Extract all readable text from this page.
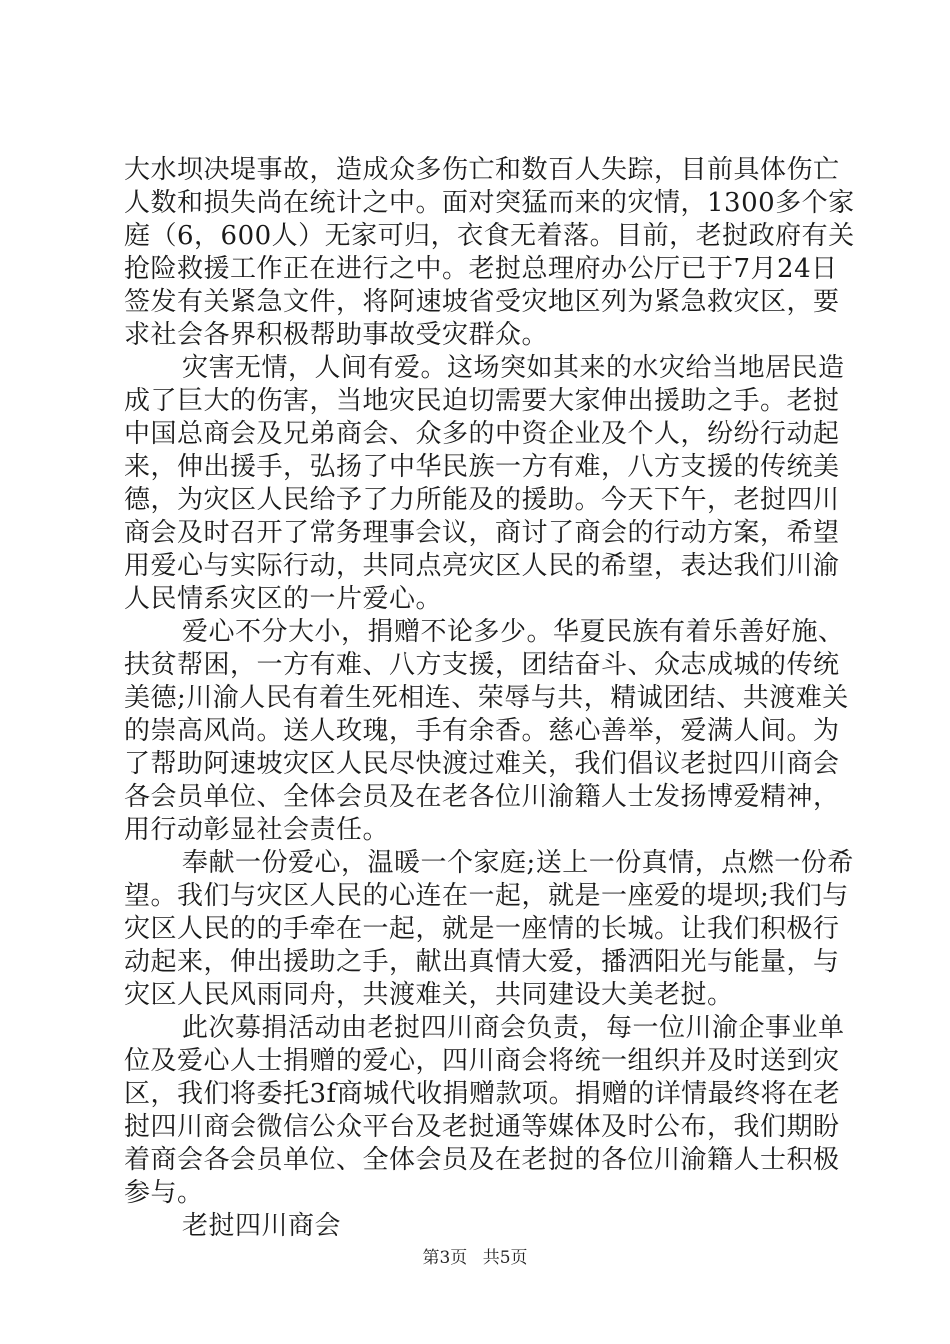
大水坝决堤事故，造成众多伤亡和数百人失踪，目前具体伤亡
人数和损失尚在统计之中。面对突猛而来的灾情，1300多个家
庭（6，600人）无家可归，衣食无着落。目前，老挝政府有关
抢险救援工作正在进行之中。老挝总理府办公厅已于7月24日
签发有关紧急文件，将阿速坡省受灾地区列为紧急救灾区，要
求社会各界积极帮助事故受灾群众。
灾害无情，人间有爱。这场突如其来的水灾给当地居民造
成了巨大的伤害，当地灾民迫切需要大家伸出援助之手。老挝
中国总商会及兄弟商会、众多的中资企业及个人，纷纷行动起
来，伸出援手，弘扬了中华民族一方有难，八方支援的传统美
德，为灾区人民给予了力所能及的援助。今天下午，老挝四川
商会及时召开了常务理事会议，商讨了商会的行动方案，希望
用爱心与实际行动，共同点亮灾区人民的希望，表达我们川渝
人民情系灾区的一片爱心。
爱心不分大小，捐赠不论多少。华夏民族有着乐善好施、
扶贫帮困，一方有难、八方支援，团结奋斗、众志成城的传统
美德;川渝人民有着生死相连、荣辱与共，精诚团结、共渡难关
的崇高风尚。送人玫瑰，手有余香。慈心善举，爱满人间。为
了帮助阿速坡灾区人民尽快渡过难关，我们倡议老挝四川商会
各会员单位、全体会员及在老各位川渝籍人士发扬博爱精神，
用行动彰显社会责任。
奉献一份爱心，温暖一个家庭;送上一份真情，点燃一份希
望。我们与灾区人民的心连在一起，就是一座爱的堤坝;我们与
灾区人民的的手牵在一起，就是一座情的长城。让我们积极行
动起来，伸出援助之手，献出真情大爱，播洒阳光与能量，与
灾区人民风雨同舟，共渡难关，共同建设大美老挝。
此次募捐活动由老挝四川商会负责，每一位川渝企事业单
位及爱心人士捐赠的爱心，四川商会将统一组织并及时送到灾
区，我们将委托3f商城代收捐赠款项。捐赠的详情最终将在老
挝四川商会微信公众平台及老挝通等媒体及时公布，我们期盼
着商会各会员单位、全体会员及在老挝的各位川渝籍人士积极
参与。
老挝四川商会
第3页 共5页
